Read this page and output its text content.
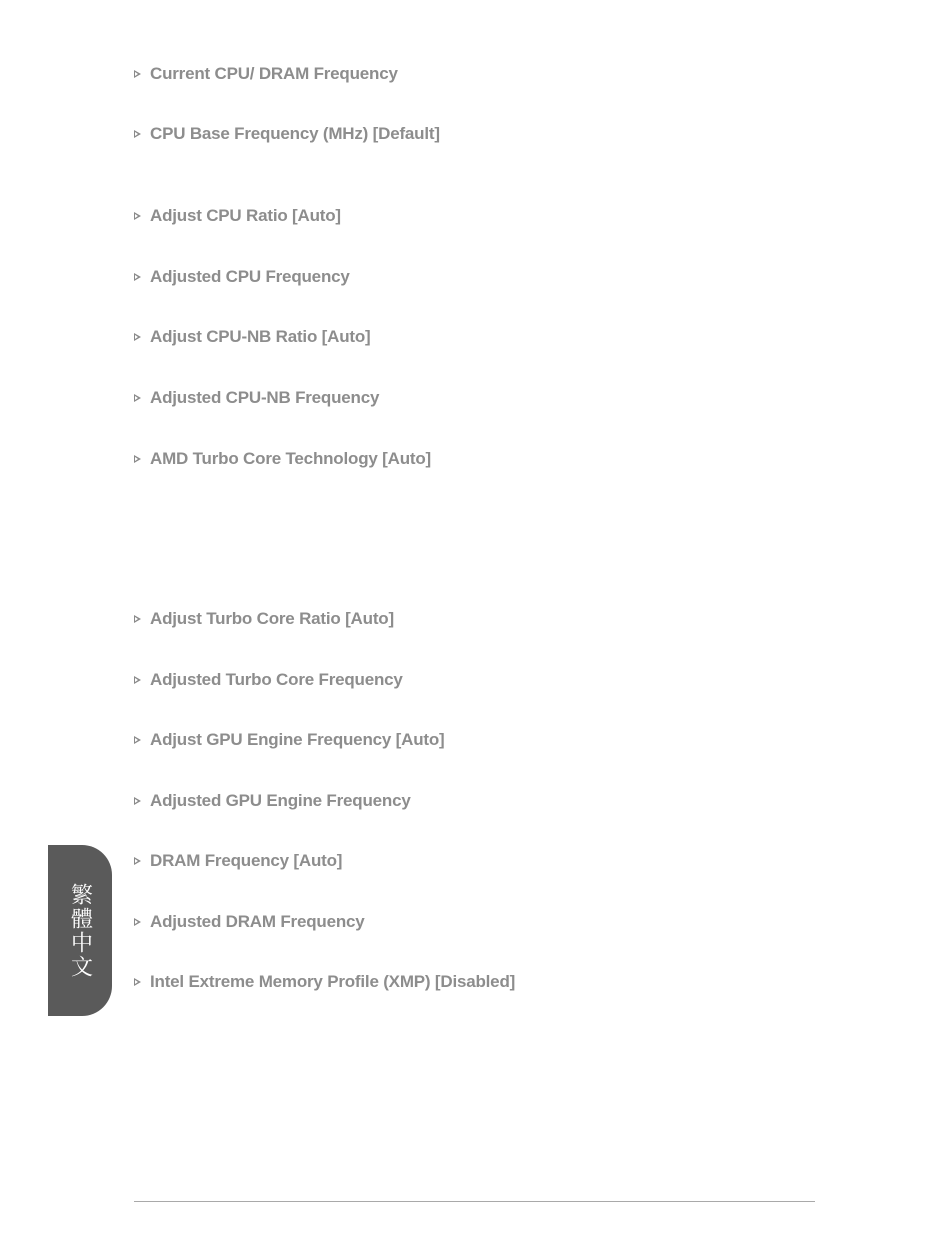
Current CPU/ DRAM Frequency
CPU Base Frequency (MHz) [Default]
Adjust CPU Ratio [Auto]
Adjusted CPU Frequency
Adjust CPU-NB Ratio [Auto]
Adjusted CPU-NB Frequency
AMD Turbo Core Technology [Auto]
Adjust Turbo Core Ratio [Auto]
Adjusted Turbo Core Frequency
Adjust GPU Engine Frequency [Auto]
Adjusted GPU Engine Frequency
DRAM Frequency [Auto]
Adjusted DRAM Frequency
Intel Extreme Memory Profile (XMP) [Disabled]
繁體中文
